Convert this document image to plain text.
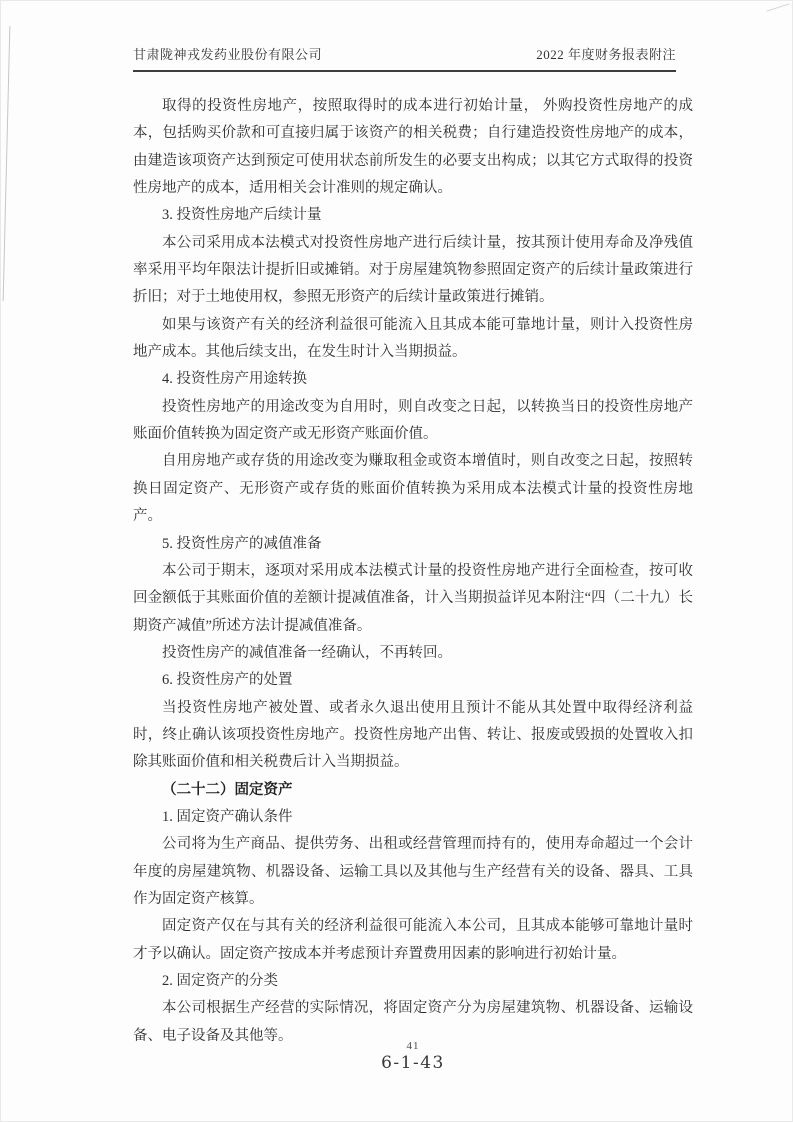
甘肃陇神戎发药业股份有限公司	2022 年度财务报表附注
取得的投资性房地产，按照取得时的成本进行初始计量， 外购投资性房地产的成本，包括购买价款和可直接归属于该资产的相关税费；自行建造投资性房地产的成本，由建造该项资产达到预定可使用状态前所发生的必要支出构成；以其它方式取得的投资性房地产的成本，适用相关会计准则的规定确认。
3. 投资性房地产后续计量
本公司采用成本法模式对投资性房地产进行后续计量，按其预计使用寿命及净残值率采用平均年限法计提折旧或摊销。对于房屋建筑物参照固定资产的后续计量政策进行折旧；对于土地使用权，参照无形资产的后续计量政策进行摊销。
如果与该资产有关的经济利益很可能流入且其成本能可靠地计量，则计入投资性房地产成本。其他后续支出，在发生时计入当期损益。
4. 投资性房产用途转换
投资性房地产的用途改变为自用时，则自改变之日起，以转换当日的投资性房地产账面价值转换为固定资产或无形资产账面价值。
自用房地产或存货的用途改变为赚取租金或资本增值时，则自改变之日起，按照转换日固定资产、无形资产或存货的账面价值转换为采用成本法模式计量的投资性房地产。
5. 投资性房产的减值准备
本公司于期末，逐项对采用成本法模式计量的投资性房地产进行全面检查，按可收回金额低于其账面价值的差额计提减值准备，计入当期损益详见本附注“四（二十九）长期资产减值”所述方法计提减值准备。
投资性房产的减值准备一经确认，不再转回。
6. 投资性房产的处置
当投资性房地产被处置、或者永久退出使用且预计不能从其处置中取得经济利益时，终止确认该项投资性房地产。投资性房地产出售、转让、报废或毁损的处置收入扣除其账面价值和相关税费后计入当期损益。
（二十二）固定资产
1. 固定资产确认条件
公司将为生产商品、提供劳务、出租或经营管理而持有的，使用寿命超过一个会计年度的房屋建筑物、机器设备、运输工具以及其他与生产经营有关的设备、器具、工具作为固定资产核算。
固定资产仅在与其有关的经济利益很可能流入本公司，且其成本能够可靠地计量时才予以确认。固定资产按成本并考虑预计弃置费用因素的影响进行初始计量。
2. 固定资产的分类
本公司根据生产经营的实际情况，将固定资产分为房屋建筑物、机器设备、运输设备、电子设备及其他等。
41
6-1-43
